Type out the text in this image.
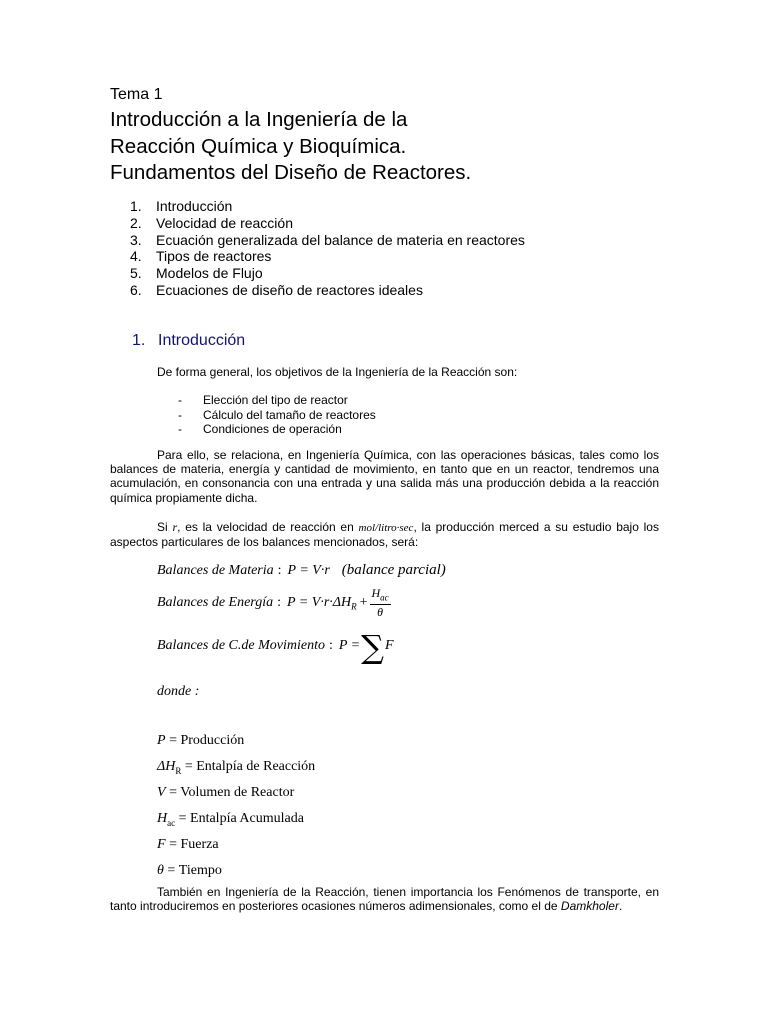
Tema 1
Introducción a la Ingeniería de la
Reacción Química y Bioquímica.
Fundamentos del Diseño de Reactores.
1.	Introducción
2.	Velocidad de reacción
3.	Ecuación generalizada del balance de materia en reactores
4.	Tipos de reactores
5.	Modelos de Flujo
6.	Ecuaciones de diseño de reactores ideales
1. Introducción
De forma general, los objetivos de la Ingeniería de la Reacción son:
-	Elección del tipo de reactor
-	Cálculo del tamaño de reactores
-	Condiciones de operación
Para ello, se relaciona, en Ingeniería Química, con las operaciones básicas, tales como los balances de materia, energía y cantidad de movimiento, en tanto que en un reactor, tendremos una acumulación, en consonancia con una entrada y una salida más una producción debida a la reacción química propiamente dicha.
Si r, es la velocidad de reacción en mol/litro·sec, la producción merced a su estudio bajo los aspectos particulares de los balances mencionados, será:
Balances de Materia : P = V·r (balance parcial)
Balances de Energía : $P = V\cdot r\cdot\Delta H_R + \frac{H_{ac}}{\theta}$
Balances de C.de Movimiento : P =∑F
donde :
P = Producción
$\Delta H_R$ = Entalpía de Reacción
V = Volumen de Reactor
$H_{ac}$ = Entalpía Acumulada
F = Fuerza
θ = Tiempo
También en Ingeniería de la Reacción, tienen importancia los Fenómenos de transporte, en tanto introduciremos en posteriores ocasiones números adimensionales, como el de Damkholer.
